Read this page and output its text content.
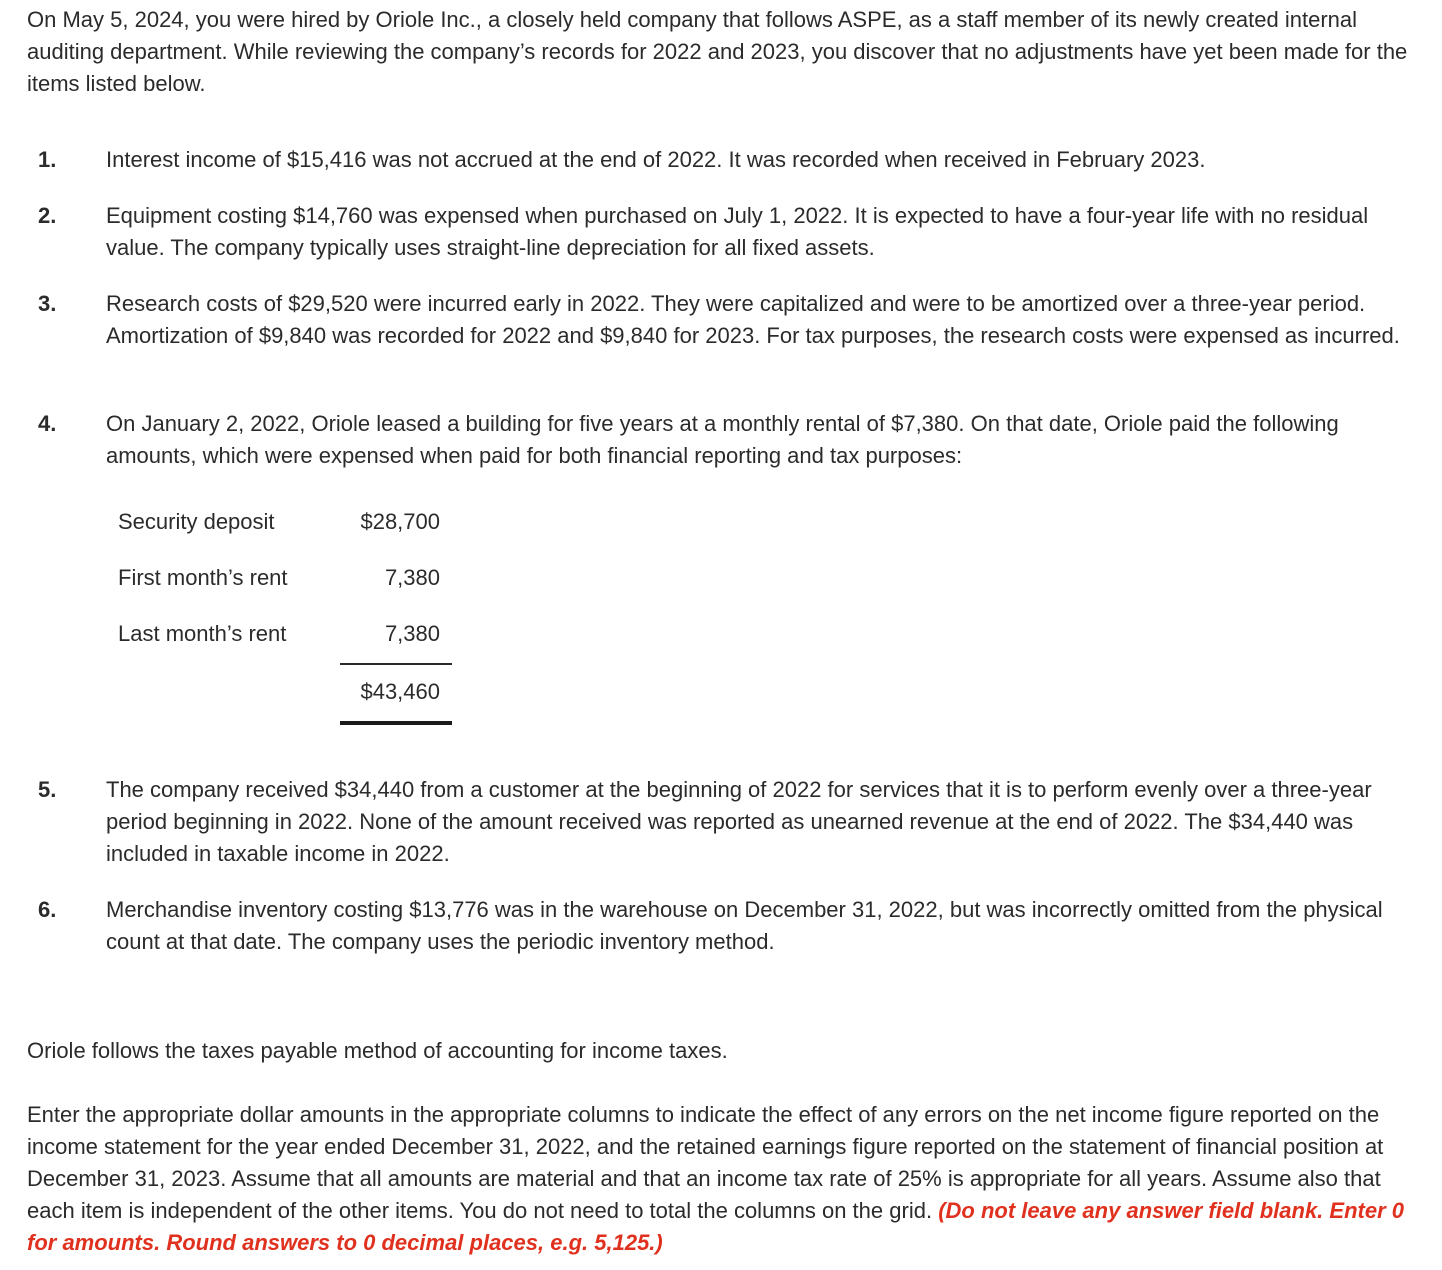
On May 5, 2024, you were hired by Oriole Inc., a closely held company that follows ASPE, as a staff member of its newly created internal auditing department. While reviewing the company’s records for 2022 and 2023, you discover that no adjustments have yet been made for the items listed below.

1. Interest income of $15,416 was not accrued at the end of 2022. It was recorded when received in February 2023.
2. Equipment costing $14,760 was expensed when purchased on July 1, 2022. It is expected to have a four-year life with no residual value. The company typically uses straight-line depreciation for all fixed assets.
3. Research costs of $29,520 were incurred early in 2022. They were capitalized and were to be amortized over a three-year period. Amortization of $9,840 was recorded for 2022 and $9,840 for 2023. For tax purposes, the research costs were expensed as incurred.
4. On January 2, 2022, Oriole leased a building for five years at a monthly rental of $7,380. On that date, Oriole paid the following amounts, which were expensed when paid for both financial reporting and tax purposes:
Security deposit	$28,700
First month’s rent	7,380
Last month’s rent	7,380
$43,460
5. The company received $34,440 from a customer at the beginning of 2022 for services that it is to perform evenly over a three-year period beginning in 2022. None of the amount received was reported as unearned revenue at the end of 2022. The $34,440 was included in taxable income in 2022.
6. Merchandise inventory costing $13,776 was in the warehouse on December 31, 2022, but was incorrectly omitted from the physical count at that date. The company uses the periodic inventory method.

Oriole follows the taxes payable method of accounting for income taxes.

Enter the appropriate dollar amounts in the appropriate columns to indicate the effect of any errors on the net income figure reported on the income statement for the year ended December 31, 2022, and the retained earnings figure reported on the statement of financial position at December 31, 2023. Assume that all amounts are material and that an income tax rate of 25% is appropriate for all years. Assume also that each item is independent of the other items. You do not need to total the columns on the grid. (Do not leave any answer field blank. Enter 0 for amounts. Round answers to 0 decimal places, e.g. 5,125.)
